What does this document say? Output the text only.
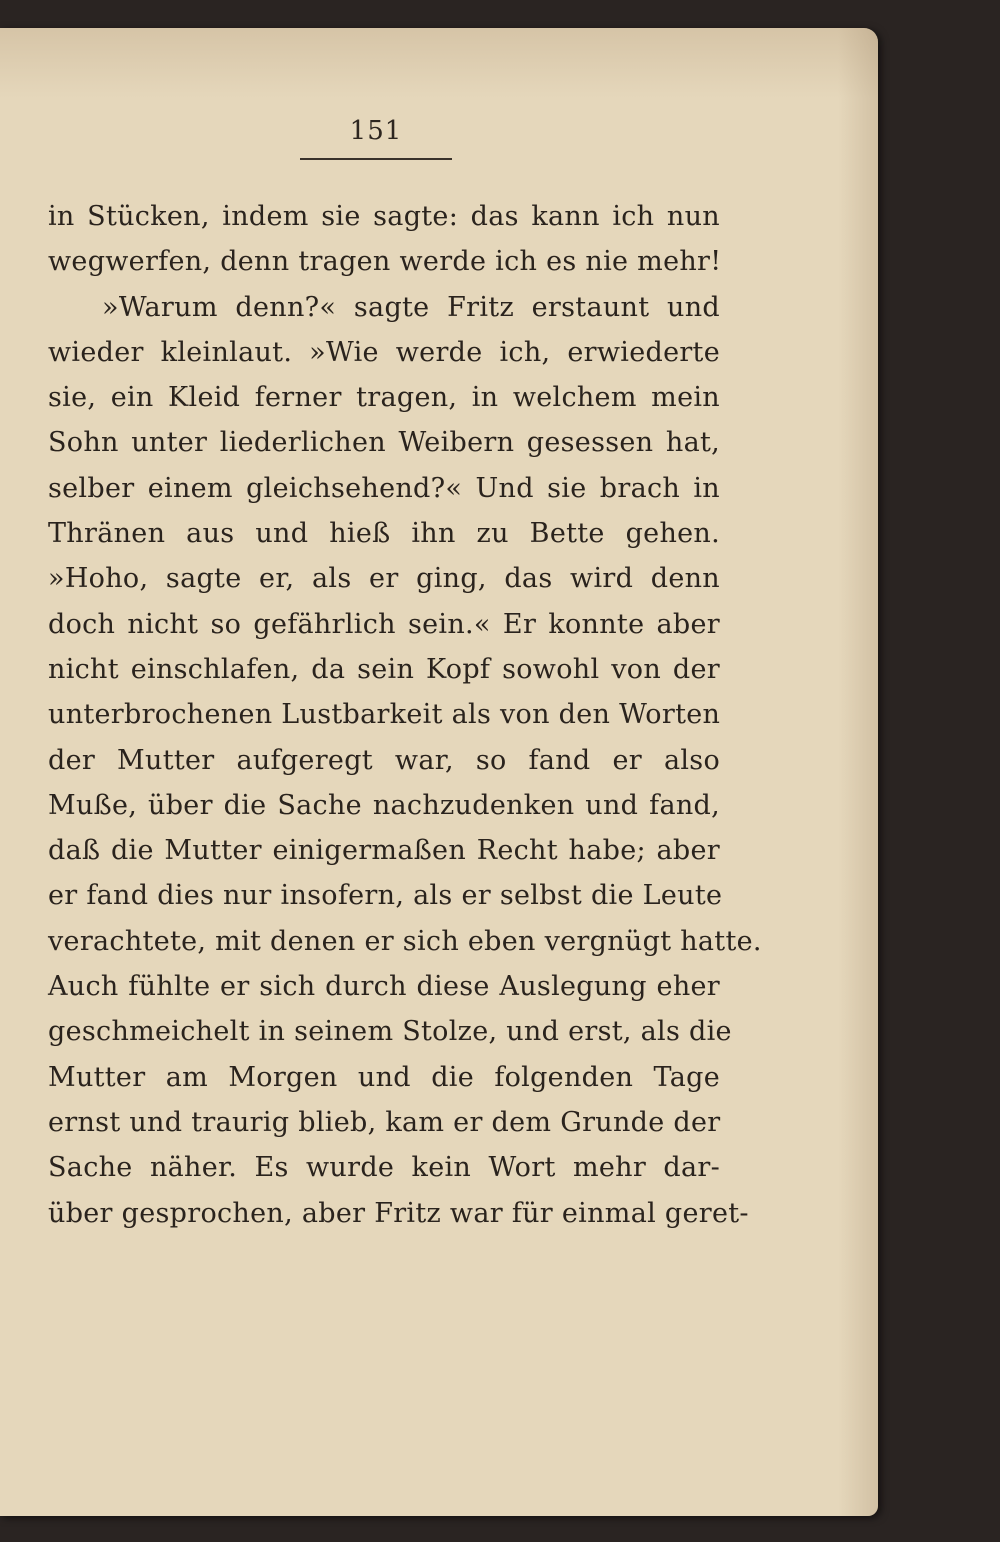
151
in Stücken, indem sie sagte: das kann ich nun
wegwerfen, denn tragen werde ich es nie mehr!
»Warum denn?« sagte Fritz erstaunt und
wieder kleinlaut. »Wie werde ich, erwiederte
sie, ein Kleid ferner tragen, in welchem mein
Sohn unter liederlichen Weibern gesessen hat,
selber einem gleichsehend?« Und sie brach in
Thränen aus und hieß ihn zu Bette gehen.
»Hoho, sagte er, als er ging, das wird denn
doch nicht so gefährlich sein.« Er konnte aber
nicht einschlafen, da sein Kopf sowohl von der
unterbrochenen Lustbarkeit als von den Worten
der Mutter aufgeregt war, so fand er also
Muße, über die Sache nachzudenken und fand,
daß die Mutter einigermaßen Recht habe; aber
er fand dies nur insofern, als er selbst die Leute
verachtete, mit denen er sich eben vergnügt hatte.
Auch fühlte er sich durch diese Auslegung eher
geschmeichelt in seinem Stolze, und erst, als die
Mutter am Morgen und die folgenden Tage
ernst und traurig blieb, kam er dem Grunde der
Sache näher. Es wurde kein Wort mehr dar-
über gesprochen, aber Fritz war für einmal geret-
